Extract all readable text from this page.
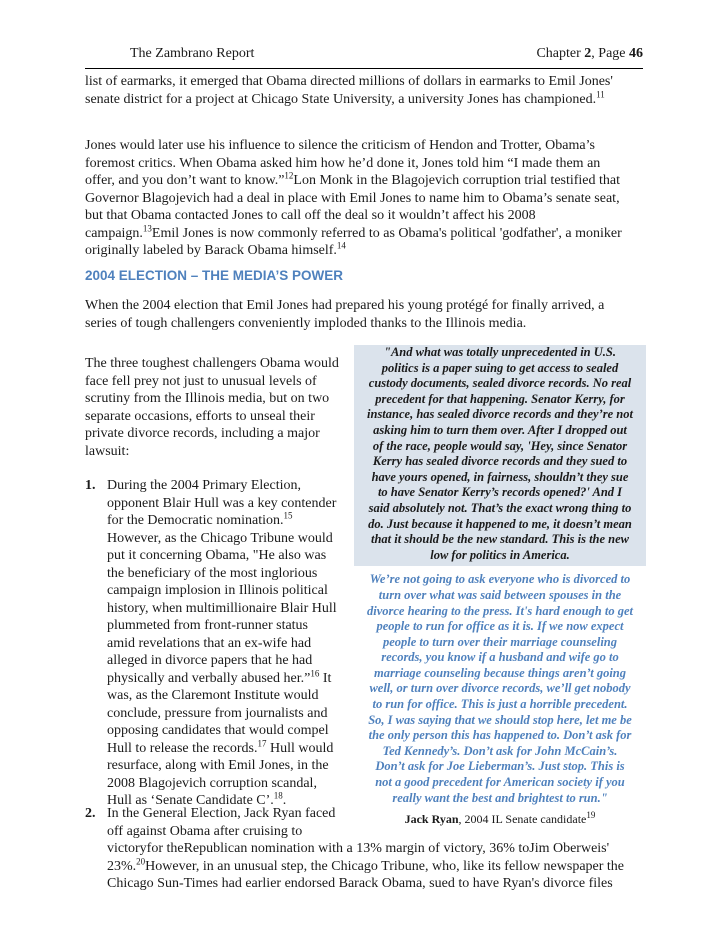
The Zambrano Report	Chapter 2, Page 46
list of earmarks, it emerged that Obama directed millions of dollars in earmarks to Emil Jones'
senate district for a project at Chicago State University, a university Jones has championed.$^{11}$
Jones would later use his influence to silence the criticism of Hendon and Trotter, Obama’s
foremost critics. When Obama asked him how he’d done it, Jones told him “I made them an
offer, and you don’t want to know.”$^{12}$Lon Monk in the Blagojevich corruption trial testified that
Governor Blagojevich had a deal in place with Emil Jones to name him to Obama’s senate seat,
but that Obama contacted Jones to call off the deal so it wouldn’t affect his 2008
campaign.$^{13}$Emil Jones is now commonly referred to as Obama's political 'godfather', a moniker
originally labeled by Barack Obama himself.$^{14}$
2004 ELECTION – THE MEDIA’S POWER
When the 2004 election that Emil Jones had prepared his young protégé for finally arrived, a
series of tough challengers conveniently imploded thanks to the Illinois media.
The three toughest challengers Obama would
face fell prey not just to unusual levels of
scrutiny from the Illinois media, but on two
separate occasions, efforts to unseal their
private divorce records, including a major
lawsuit:
1. During the 2004 Primary Election,
opponent Blair Hull was a key contender
for the Democratic nomination.$^{15}$
However, as the Chicago Tribune would
put it concerning Obama, "He also was
the beneficiary of the most inglorious
campaign implosion in Illinois political
history, when multimillionaire Blair Hull
plummeted from front-runner status
amid revelations that an ex-wife had
alleged in divorce papers that he had
physically and verbally abused her.”$^{16}$ It
was, as the Claremont Institute would
conclude, pressure from journalists and
opposing candidates that would compel
Hull to release the records.$^{17}$ Hull would
resurface, along with Emil Jones, in the
2008 Blagojevich corruption scandal,
Hull as ‘Senate Candidate C’.$^{18}$.
"And what was totally unprecedented in U.S.
politics is a paper suing to get access to sealed
custody documents, sealed divorce records. No real
precedent for that happening. Senator Kerry, for
instance, has sealed divorce records and they’re not
asking him to turn them over. After I dropped out
of the race, people would say, 'Hey, since Senator
Kerry has sealed divorce records and they sued to
have yours opened, in fairness, shouldn’t they sue
to have Senator Kerry’s records opened?' And I
said absolutely not. That’s the exact wrong thing to
do. Just because it happened to me, it doesn’t mean
that it should be the new standard. This is the new
low for politics in America.
We’re not going to ask everyone who is divorced to
turn over what was said between spouses in the
divorce hearing to the press. It's hard enough to get
people to run for office as it is. If we now expect
people to turn over their marriage counseling
records, you know if a husband and wife go to
marriage counseling because things aren’t going
well, or turn over divorce records, we’ll get nobody
to run for office. This is just a horrible precedent.
So, I was saying that we should stop here, let me be
the only person this has happened to. Don’t ask for
Ted Kennedy’s. Don’t ask for John McCain’s.
Don’t ask for Joe Lieberman’s. Just stop. This is
not a good precedent for American society if you
really want the best and brightest to run."
Jack Ryan, 2004 IL Senate candidate$^{19}$
2. In the General Election, Jack Ryan faced
off against Obama after cruising to
victoryfor theRepublican nomination with a 13% margin of victory, 36% toJim Oberweis'
23%.$^{20}$However, in an unusual step, the Chicago Tribune, who, like its fellow newspaper the
Chicago Sun-Times had earlier endorsed Barack Obama, sued to have Ryan's divorce files
